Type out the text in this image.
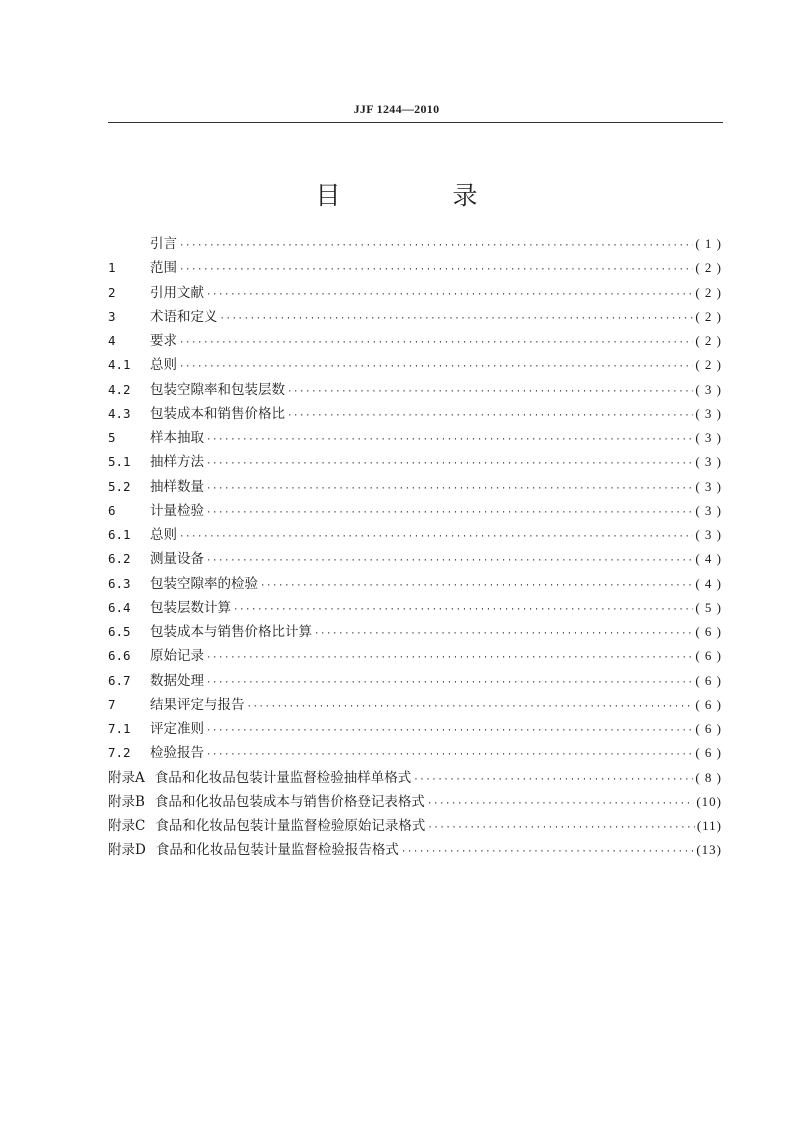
JJF 1244—2010
目 录
引言 ·····	( 1 )
1	范围 ·····	( 2 )
2	引用文献 ·····	( 2 )
3	术语和定义 ·····	( 2 )
4	要求 ·····	( 2 )
4.1	总则 ·····	( 2 )
4.2	包装空隙率和包装层数 ·····	( 3 )
4.3	包装成本和销售价格比 ·····	( 3 )
5	样本抽取 ·····	( 3 )
5.1	抽样方法 ·····	( 3 )
5.2	抽样数量 ·····	( 3 )
6	计量检验 ·····	( 3 )
6.1	总则 ·····	( 3 )
6.2	测量设备 ·····	( 4 )
6.3	包装空隙率的检验 ·····	( 4 )
6.4	包装层数计算 ·····	( 5 )
6.5	包装成本与销售价格比计算 ·····	( 6 )
6.6	原始记录 ·····	( 6 )
6.7	数据处理 ·····	( 6 )
7	结果评定与报告 ·····	( 6 )
7.1	评定准则 ·····	( 6 )
7.2	检验报告 ·····	( 6 )
附录A 食品和化妆品包装计量监督检验抽样单格式 ·····	( 8 )
附录B 食品和化妆品包装成本与销售价格登记表格式 ·····	(10)
附录C 食品和化妆品包装计量监督检验原始记录格式 ·····	(11)
附录D 食品和化妆品包装计量监督检验报告格式 ·····	(13)
